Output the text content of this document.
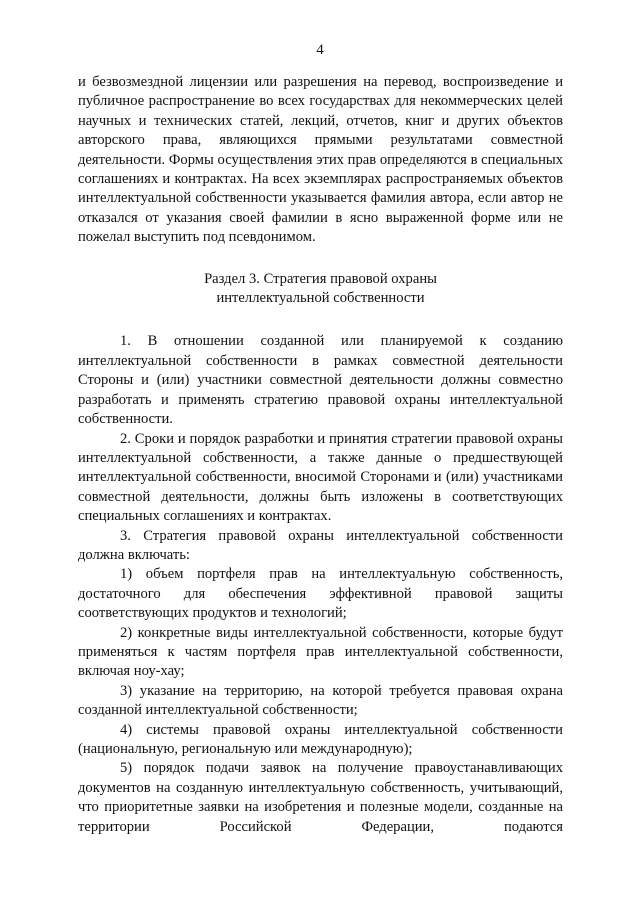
4

и безвозмездной лицензии или разрешения на перевод, воспроизведение и публичное распространение во всех государствах для некоммерческих целей научных и технических статей, лекций, отчетов, книг и других объектов авторского права, являющихся прямыми результатами совместной деятельности. Формы осуществления этих прав определяются в специальных соглашениях и контрактах. На всех экземплярах распространяемых объектов интеллектуальной собственности указывается фамилия автора, если автор не отказался от указания своей фамилии в ясно выраженной форме или не пожелал выступить под псевдонимом.

Раздел 3. Стратегия правовой охраны
интеллектуальной собственности

1. В отношении созданной или планируемой к созданию интеллектуальной собственности в рамках совместной деятельности Стороны и (или) участники совместной деятельности должны совместно разработать и применять стратегию правовой охраны интеллектуальной собственности.

2. Сроки и порядок разработки и принятия стратегии правовой охраны интеллектуальной собственности, а также данные о предшествующей интеллектуальной собственности, вносимой Сторонами и (или) участниками совместной деятельности, должны быть изложены в соответствующих специальных соглашениях и контрактах.

3. Стратегия правовой охраны интеллектуальной собственности должна включать:

1) объем портфеля прав на интеллектуальную собственность, достаточного для обеспечения эффективной правовой защиты соответствующих продуктов и технологий;

2) конкретные виды интеллектуальной собственности, которые будут применяться к частям портфеля прав интеллектуальной собственности, включая ноу-хау;

3) указание на территорию, на которой требуется правовая охрана созданной интеллектуальной собственности;

4) системы правовой охраны интеллектуальной собственности (национальную, региональную или международную);

5) порядок подачи заявок на получение правоустанавливающих документов на созданную интеллектуальную собственность, учитывающий, что приоритетные заявки на изобретения и полезные модели, созданные на территории Российской Федерации, подаются
